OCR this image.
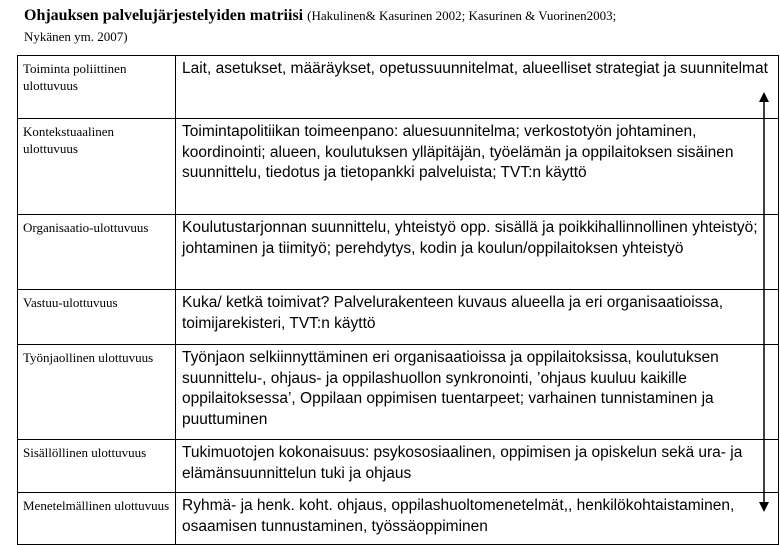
Ohjauksen palvelujärjestelyiden matriisi (Hakulinen& Kasurinen 2002; Kasurinen & Vuorinen2003;
Nykänen ym. 2007)
Toiminta poliittinen ulottuvuus	Lait, asetukset, määräykset, opetussuunnitelmat, alueelliset strategiat ja suunnitelmat
Kontekstuaalinen ulottuvuus	Toimintapolitiikan toimeenpano: aluesuunnitelma; verkostotyön johtaminen, koordinointi; alueen, koulutuksen ylläpitäjän, työelämän ja oppilaitoksen sisäinen suunnittelu, tiedotus ja tietopankki palveluista; TVT:n käyttö
Organisaatio-ulottuvuus	Koulutustarjonnan suunnittelu, yhteistyö opp. sisällä ja poikkihallinnollinen yhteistyö; johtaminen ja tiimityö; perehdytys, kodin ja koulun/oppilaitoksen yhteistyö
Vastuu-ulottuvuus	Kuka/ ketkä toimivat? Palvelurakenteen kuvaus alueella ja eri organisaatioissa, toimijarekisteri, TVT:n käyttö
Työnjaollinen ulottuvuus	Työnjaon selkiinnyttäminen eri organisaatioissa ja oppilaitoksissa, koulutuksen suunnittelu-, ohjaus- ja oppilashuollon synkronointi, ’ohjaus kuuluu kaikille oppilaitoksessa’, Oppilaan oppimisen tuentarpeet; varhainen tunnistaminen ja puuttuminen
Sisällöllinen ulottuvuus	Tukimuotojen kokonaisuus: psykososiaalinen, oppimisen ja opiskelun sekä ura- ja elämänsuunnittelun tuki ja ohjaus
Menetelmällinen ulottuvuus	Ryhmä- ja henk. koht. ohjaus, oppilashuoltomenetelmät,, henkilökohtaistaminen, osaamisen tunnustaminen, työssäoppiminen
